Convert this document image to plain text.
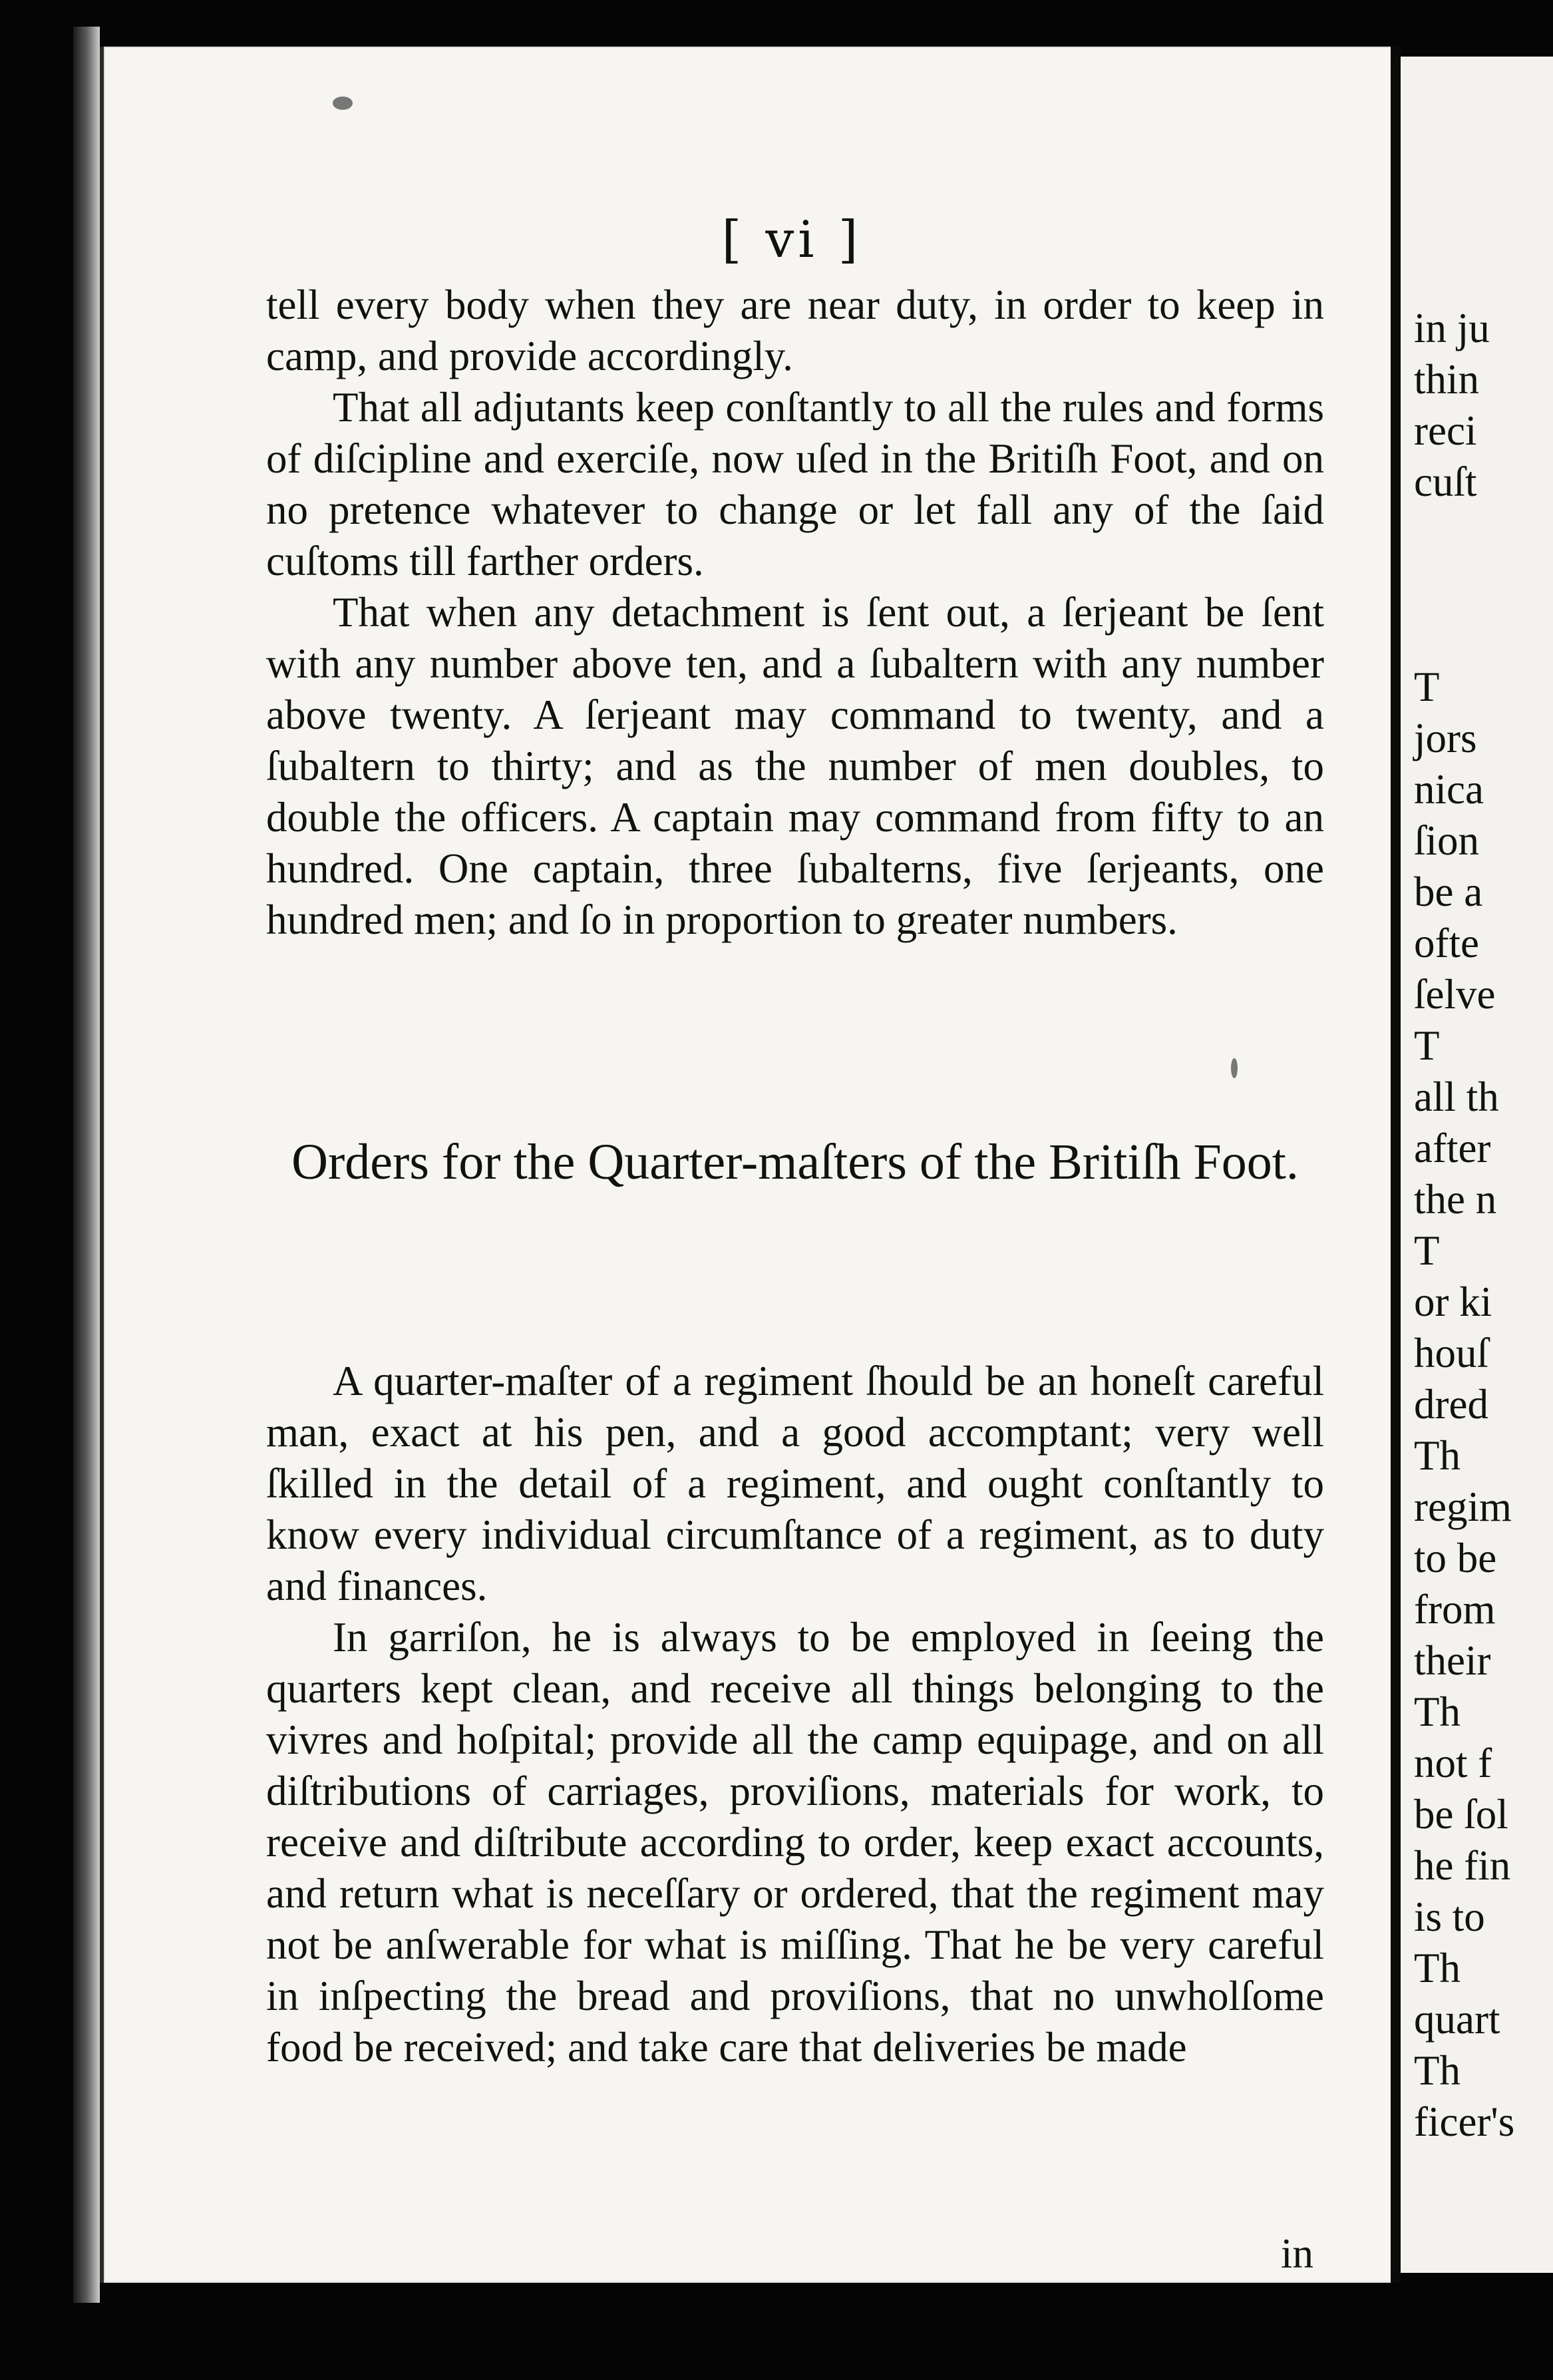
in ju
thin
reci
cuſt
T
jors
nica
ſion
be a
ofte
ſelve
T
all th
after
the n
T
or ki
houſ
dred
Th
regim
to be
from
their
Th
not f
be ſol
he fin
is to
Th
quart
Th
ficer's
[ vi ]

tell every body when they are near duty, in order to keep in camp, and provide accordingly.

That all adjutants keep conſtantly to all the rules and forms of diſcipline and exerciſe, now uſed in the Britiſh Foot, and on no pretence whatever to change or let fall any of the ſaid cuſtoms till farther orders.

That when any detachment is ſent out, a ſerjeant be ſent with any number above ten, and a ſubaltern with any number above twenty. A ſerjeant may command to twenty, and a ſubaltern to thirty; and as the number of men doubles, to double the officers. A captain may command from fifty to an hundred. One captain, three ſubalterns, five ſerjeants, one hundred men; and ſo in proportion to greater numbers.

Orders for the Quarter-maſters of the Britiſh Foot.

A quarter-maſter of a regiment ſhould be an honeſt careful man, exact at his pen, and a good accomptant; very well ſkilled in the detail of a regiment, and ought conſtantly to know every individual circumſtance of a regiment, as to duty and finances.

In garriſon, he is always to be employed in ſeeing the quarters kept clean, and receive all things belonging to the vivres and hoſpital; provide all the camp equipage, and on all diſtributions of carriages, proviſions, materials for work, to receive and diſtribute according to order, keep exact accounts, and return what is neceſſary or ordered, that the regiment may not be anſwerable for what is miſſing. That he be very careful in inſpecting the bread and proviſions, that no unwholſome food be received; and take care that deliveries be made

in
